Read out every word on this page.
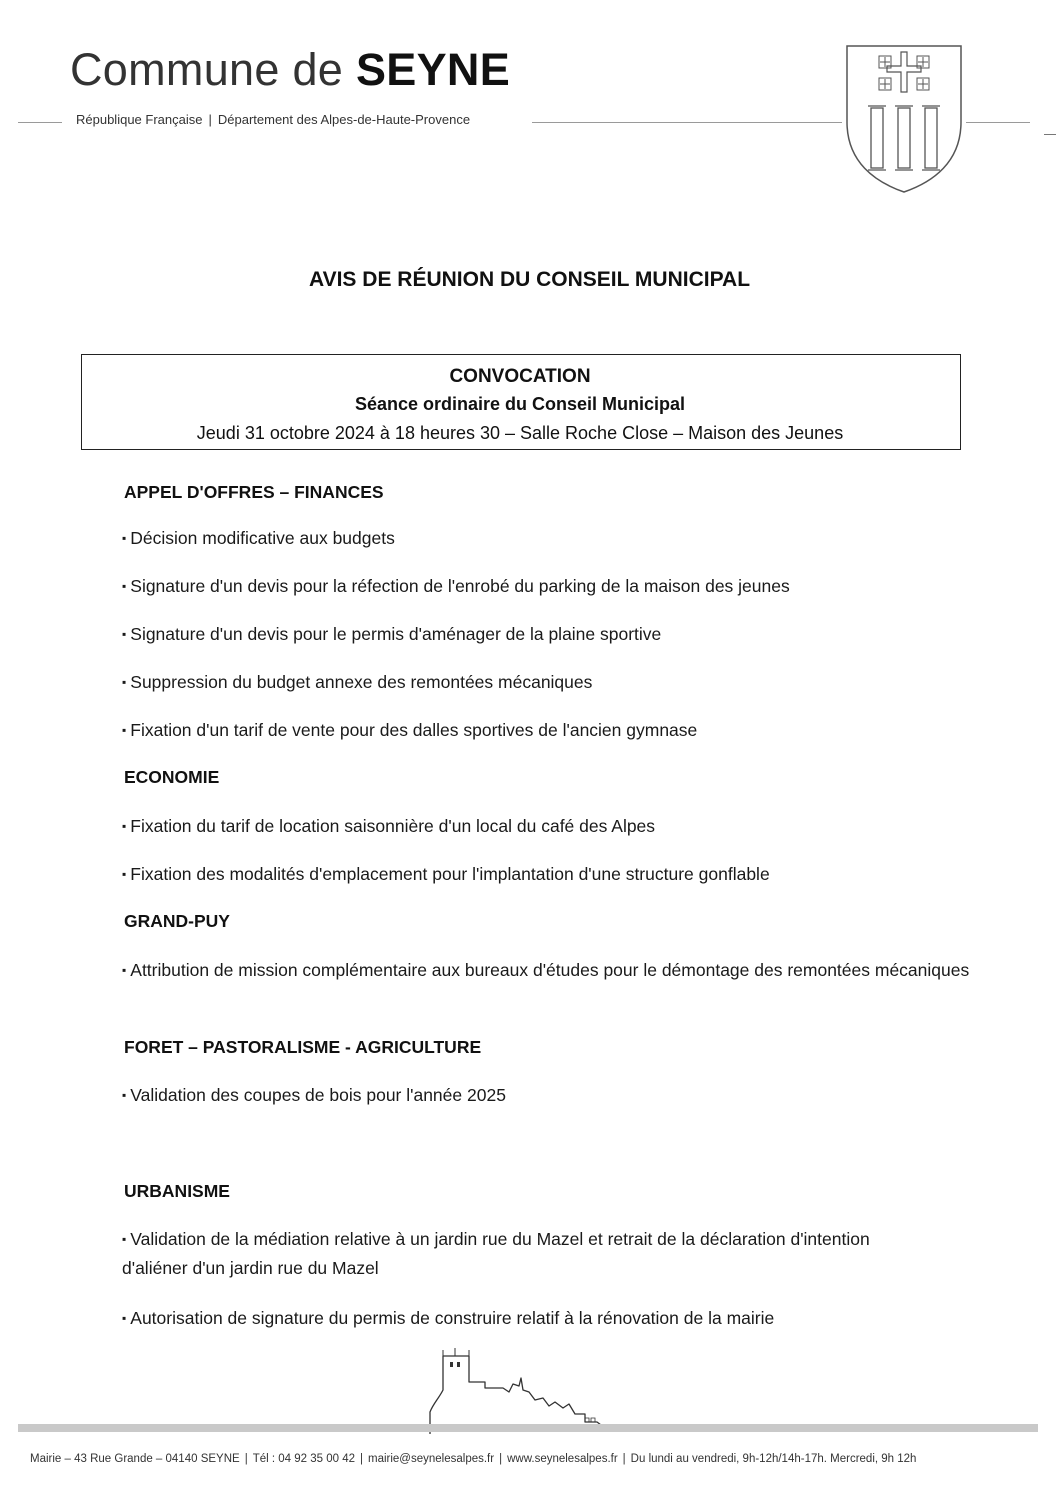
Commune de SEYNE
République Française | Département des Alpes-de-Haute-Provence
AVIS DE RÉUNION DU CONSEIL MUNICIPAL
CONVOCATION
Séance ordinaire du Conseil Municipal
Jeudi 31 octobre 2024 à 18 heures 30 – Salle Roche Close – Maison des Jeunes
APPEL D'OFFRES – FINANCES
▪ Décision modificative aux budgets
▪ Signature d'un devis pour la réfection de l'enrobé du parking de la maison des jeunes
▪ Signature d'un devis pour le permis d'aménager de la plaine sportive
▪ Suppression du budget annexe des remontées mécaniques
▪ Fixation d'un tarif de vente pour des dalles sportives de l'ancien gymnase
ECONOMIE
▪ Fixation du tarif de location saisonnière d'un local du café des Alpes
▪ Fixation des modalités d'emplacement pour l'implantation d'une structure gonflable
GRAND-PUY
▪ Attribution de mission complémentaire aux bureaux d'études pour le démontage des remontées mécaniques
FORET – PASTORALISME - AGRICULTURE
▪ Validation des coupes de bois pour l'année 2025
URBANISME
▪ Validation de la médiation relative à un jardin rue du Mazel et retrait de la déclaration d'intention d'aliéner d'un jardin rue du Mazel
▪ Autorisation de signature du permis de construire relatif à la rénovation de la mairie
Mairie – 43 Rue Grande – 04140 SEYNE | Tél : 04 92 35 00 42 | mairie@seynelesalpes.fr | www.seynelesalpes.fr | Du lundi au vendredi, 9h-12h/14h-17h. Mercredi, 9h 12h
